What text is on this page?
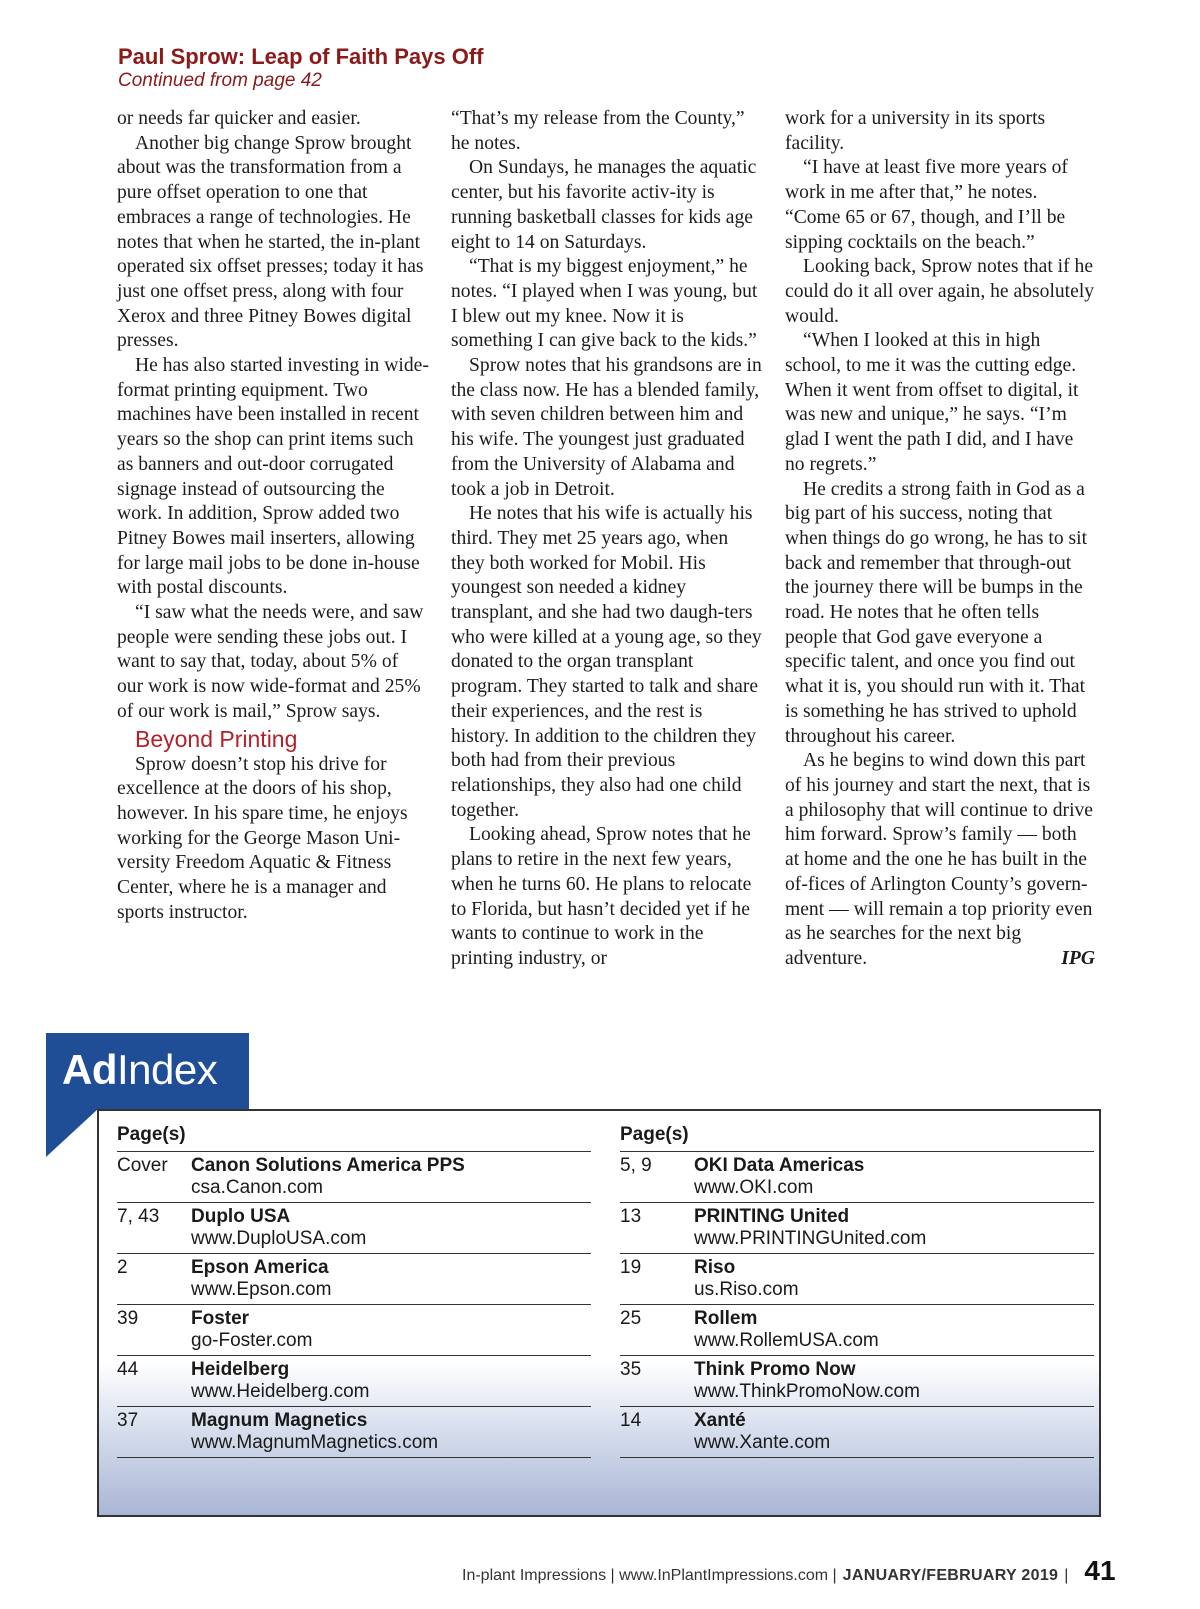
Paul Sprow: Leap of Faith Pays Off
Continued from page 42

or needs far quicker and easier.

Another big change Sprow brought about was the transformation from a pure offset operation to one that embraces a range of technologies. He notes that when he started, the in-plant operated six offset presses; today it has just one offset press, along with four Xerox and three Pitney Bowes digital presses.

He has also started investing in wide-format printing equipment. Two machines have been installed in recent years so the shop can print items such as banners and out-door corrugated signage instead of outsourcing the work. In addition, Sprow added two Pitney Bowes mail inserters, allowing for large mail jobs to be done in-house with postal discounts.

“I saw what the needs were, and saw people were sending these jobs out. I want to say that, today, about 5% of our work is now wide-format and 25% of our work is mail,” Sprow says.

Beyond Printing

Sprow doesn’t stop his drive for excellence at the doors of his shop, however. In his spare time, he enjoys working for the George Mason Uni-versity Freedom Aquatic & Fitness Center, where he is a manager and sports instructor.

“That’s my release from the County,” he notes.

On Sundays, he manages the aquatic center, but his favorite activ-ity is running basketball classes for kids age eight to 14 on Saturdays.

“That is my biggest enjoyment,” he notes. “I played when I was young, but I blew out my knee. Now it is something I can give back to the kids.”

Sprow notes that his grandsons are in the class now. He has a blended family, with seven children between him and his wife. The youngest just graduated from the University of Alabama and took a job in Detroit.

He notes that his wife is actually his third. They met 25 years ago, when they both worked for Mobil. His youngest son needed a kidney transplant, and she had two daugh-ters who were killed at a young age, so they donated to the organ transplant program. They started to talk and share their experiences, and the rest is history. In addition to the children they both had from their previous relationships, they also had one child together.

Looking ahead, Sprow notes that he plans to retire in the next few years, when he turns 60. He plans to relocate to Florida, but hasn’t decided yet if he wants to continue to work in the printing industry, or

work for a university in its sports facility.

“I have at least five more years of work in me after that,” he notes. “Come 65 or 67, though, and I’ll be sipping cocktails on the beach.”

Looking back, Sprow notes that if he could do it all over again, he absolutely would.

“When I looked at this in high school, to me it was the cutting edge. When it went from offset to digital, it was new and unique,” he says. “I’m glad I went the path I did, and I have no regrets.”

He credits a strong faith in God as a big part of his success, noting that when things do go wrong, he has to sit back and remember that through-out the journey there will be bumps in the road. He notes that he often tells people that God gave everyone a specific talent, and once you find out what it is, you should run with it. That is something he has strived to uphold throughout his career.

As he begins to wind down this part of his journey and start the next, that is a philosophy that will continue to drive him forward. Sprow’s family — both at home and the one he has built in the of-fices of Arlington County’s govern-ment — will remain a top priority even as he searches for the next big

adventure.	IPG
AdIndex
Page(s)
Cover	Canon Solutions America PPS
csa.Canon.com
7, 43	Duplo USA
www.DuploUSA.com
2	Epson America
www.Epson.com
39	Foster
go-Foster.com
44	Heidelberg
www.Heidelberg.com
37	Magnum Magnetics
www.MagnumMagnetics.com
Page(s)
5, 9	OKI Data Americas
www.OKI.com
13	PRINTING United
www.PRINTINGUnited.com
19	Riso
us.Riso.com
25	Rollem
www.RollemUSA.com
35	Think Promo Now
www.ThinkPromoNow.com
14	Xanté
www.Xante.com
In-plant Impressions | www.InPlantImpressions.com | JANUARY/FEBRUARY 2019 | 41
